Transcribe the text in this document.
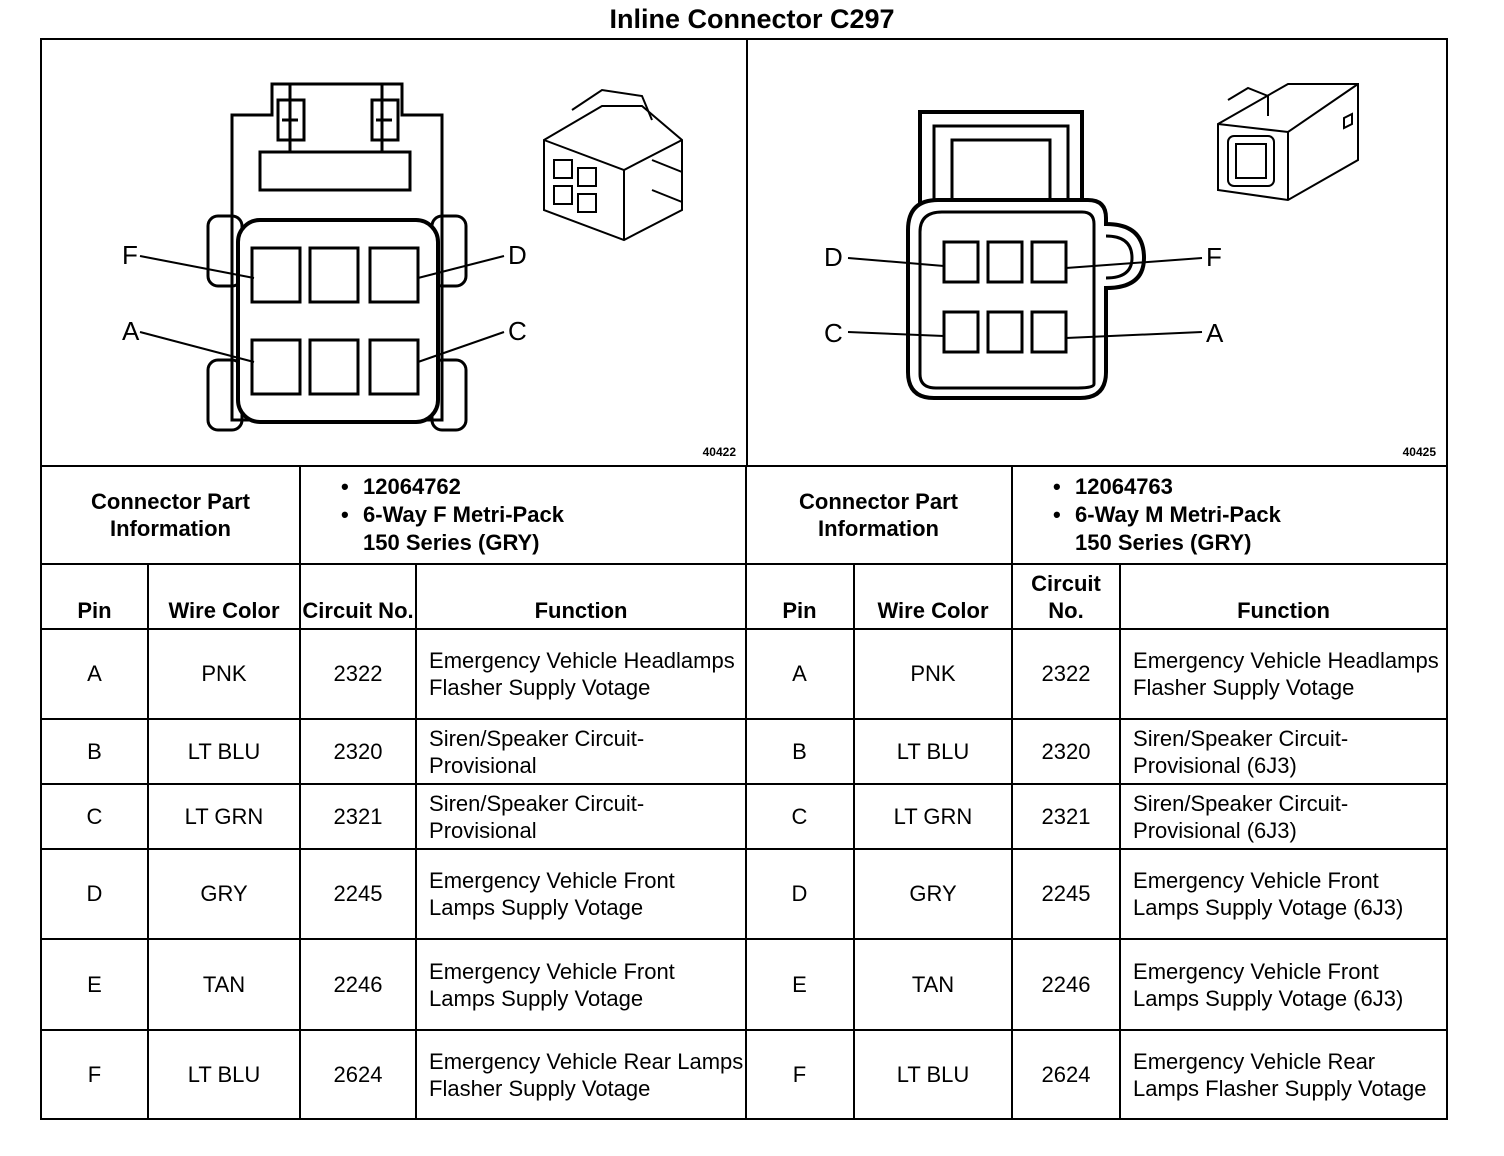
Inline Connector C297
F	D
A	C
40422
D	F
C	A
40425
Connector Part Information		• 12064762
• 6-Way F Metri-Pack
150 Series (GRY)	

Pin	Wire Color	Circuit No.	Function
A	PNK	2322	Emergency Vehicle Headlamps Flasher Supply Votage
B	LT BLU	2320	Siren/Speaker Circuit-Provisional
C	LT GRN	2321	Siren/Speaker Circuit-Provisional
D	GRY	2245	Emergency Vehicle Front Lamps Supply Votage
E	TAN	2246	Emergency Vehicle Front Lamps Supply Votage
F	LT BLU	2624	Emergency Vehicle Rear Lamps Flasher Supply Votage
Connector Part Information		• 12064763
• 6-Way M Metri-Pack
150 Series (GRY)	

Pin	Wire Color	Circuit No.	Function
A	PNK	2322	Emergency Vehicle Headlamps Flasher Supply Votage
B	LT BLU	2320	Siren/Speaker Circuit-Provisional (6J3)
C	LT GRN	2321	Siren/Speaker Circuit-Provisional (6J3)
D	GRY	2245	Emergency Vehicle Front Lamps Supply Votage (6J3)
E	TAN	2246	Emergency Vehicle Front Lamps Supply Votage (6J3)
F	LT BLU	2624	Emergency Vehicle Rear Lamps Flasher Supply Votage
